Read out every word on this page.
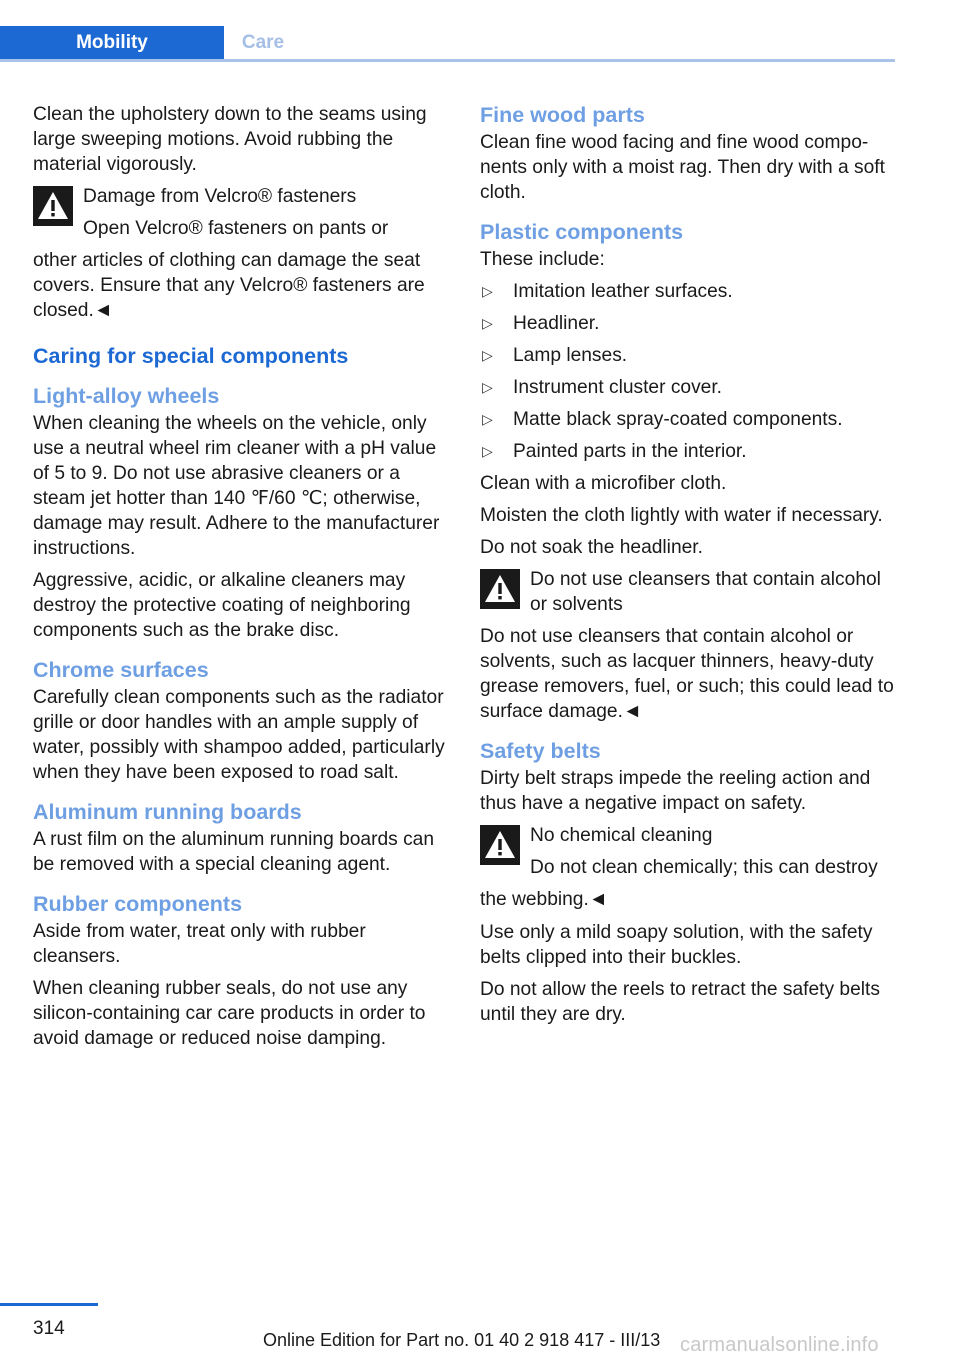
Mobility	Care

Clean the upholstery down to the seams using large sweeping motions. Avoid rubbing the material vigorously.

Damage from Velcro® fasteners

Open Velcro® fasteners on pants or

other articles of clothing can damage the seat covers. Ensure that any Velcro® fasteners are closed.◄

Caring for special components
Light-alloy wheels

When cleaning the wheels on the vehicle, only use a neutral wheel rim cleaner with a pH value of 5 to 9. Do not use abrasive cleaners or a steam jet hotter than 140 ℉/60 ℃; otherwise, damage may result. Adhere to the manufacturer instructions.

Aggressive, acidic, or alkaline cleaners may destroy the protective coating of neighboring components such as the brake disc.

Chrome surfaces

Carefully clean components such as the radiator grille or door handles with an ample supply of water, possibly with shampoo added, particularly when they have been exposed to road salt.

Aluminum running boards

A rust film on the aluminum running boards can be removed with a special cleaning agent.

Rubber components

Aside from water, treat only with rubber cleansers.

When cleaning rubber seals, do not use any silicon-containing car care products in order to avoid damage or reduced noise damping.

Fine wood parts

Clean fine wood facing and fine wood components only with a moist rag. Then dry with a soft cloth.

Plastic components

These include:

▷ Imitation leather surfaces.
▷ Headliner.
▷ Lamp lenses.
▷ Instrument cluster cover.
▷ Matte black spray-coated components.
▷ Painted parts in the interior.

Clean with a microfiber cloth.

Moisten the cloth lightly with water if necessary.

Do not soak the headliner.

Do not use cleansers that contain alcohol or solvents

Do not use cleansers that contain alcohol or solvents, such as lacquer thinners, heavy-duty grease removers, fuel, or such; this could lead to surface damage.◄

Safety belts

Dirty belt straps impede the reeling action and thus have a negative impact on safety.

No chemical cleaning

Do not clean chemically; this can destroy

the webbing.◄

Use only a mild soapy solution, with the safety belts clipped into their buckles.

Do not allow the reels to retract the safety belts until they are dry.

314
Online Edition for Part no. 01 40 2 918 417 - III/13 carmanualsonline.info
